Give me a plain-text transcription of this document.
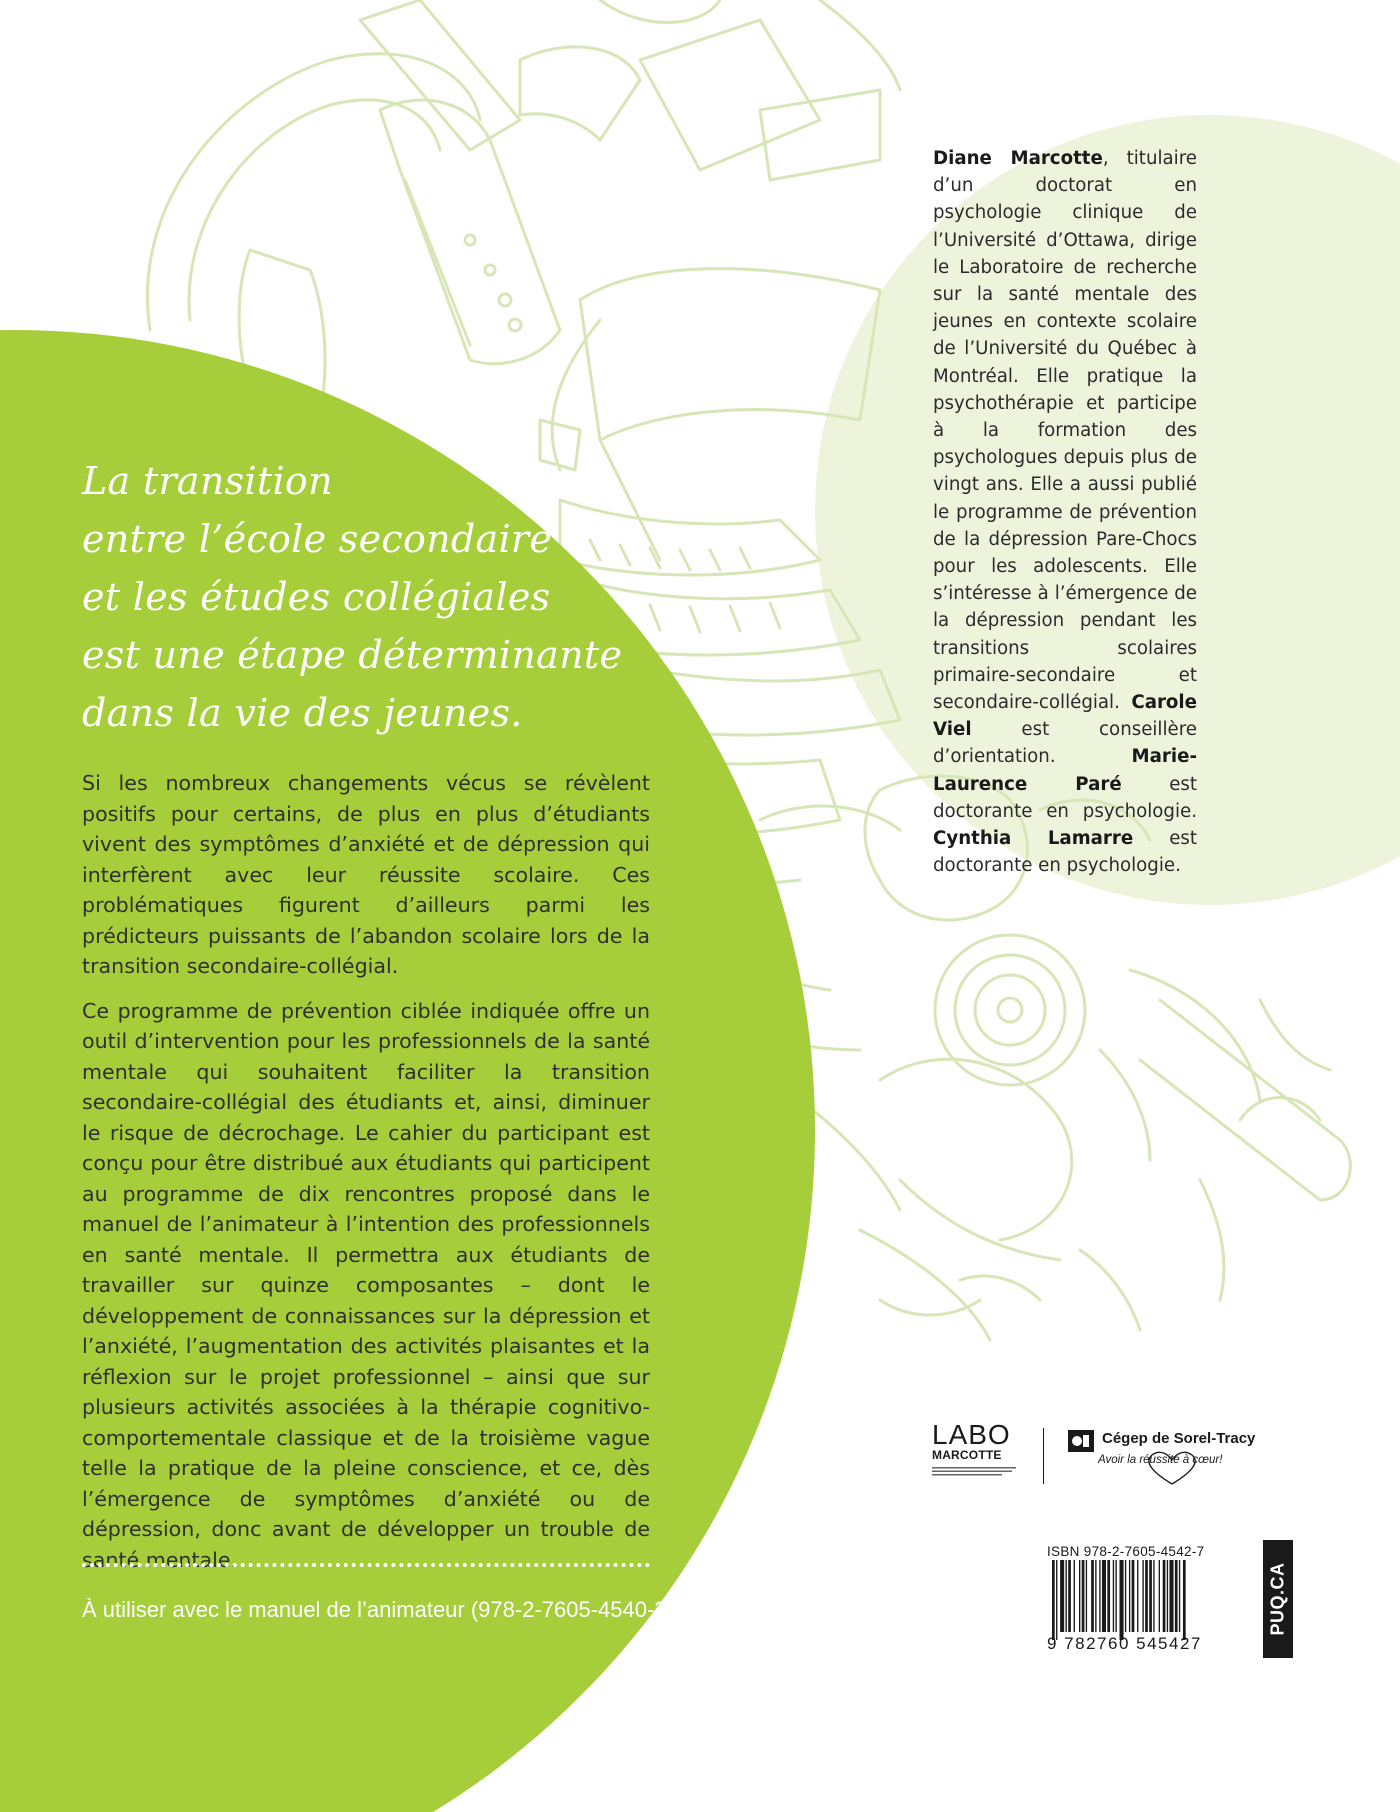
La transition
entre l’école secondaire
et les études collégiales
est une étape déterminante
dans la vie des jeunes.

Si les nombreux changements vécus se révèlent positifs pour certains, de plus en plus d’étudiants vivent des symptômes d’anxiété et de dépression qui interfèrent avec leur réussite scolaire. Ces problématiques figurent d’ailleurs parmi les prédicteurs puissants de l’abandon scolaire lors de la transition secondaire-collégial.

Ce programme de prévention ciblée indiquée offre un outil d’intervention pour les professionnels de la santé mentale qui souhaitent faciliter la transition secondaire-collégial des étudiants et, ainsi, diminuer le risque de décrochage. Le cahier du participant est conçu pour être distribué aux étudiants qui participent au programme de dix rencontres proposé dans le manuel de l’animateur à l’intention des professionnels en santé mentale. Il permettra aux étudiants de travailler sur quinze composantes – dont le développement de connaissances sur la dépression et l’anxiété, l’augmentation des activités plaisantes et la réflexion sur le projet professionnel – ainsi que sur plusieurs activités associées à la thérapie cognitivo-comportementale classique et de la troisième vague telle la pratique de la pleine conscience, et ce, dès l’émergence de symptômes d’anxiété ou de dépression, donc avant de développer un trouble de santé mentale.

À utiliser avec le manuel de l’animateur (978-2-7605-4540-3).
Diane Marcotte, titulaire d’un doctorat en psychologie clinique de l’Université d’Ottawa, dirige le Laboratoire de recherche sur la santé mentale des jeunes en contexte scolaire de l’Université du Québec à Montréal. Elle pratique la psychothérapie et participe à la formation des psychologues depuis plus de vingt ans. Elle a aussi publié le programme de prévention de la dépression Pare-Chocs pour les adolescents. Elle s’intéresse à l’émergence de la dépression pendant les transitions scolaires primaire-secondaire et secondaire-collégial. Carole Viel est conseillère d’orientation. Marie-Laurence Paré est doctorante en psychologie. Cynthia Lamarre est doctorante en psychologie.
LABO
MARCOTTE
Cégep de Sorel-Tracy
Avoir la réussite à cœur!
ISBN 978-2-7605-4542-7
9 782760 545427
PUQ.CA
